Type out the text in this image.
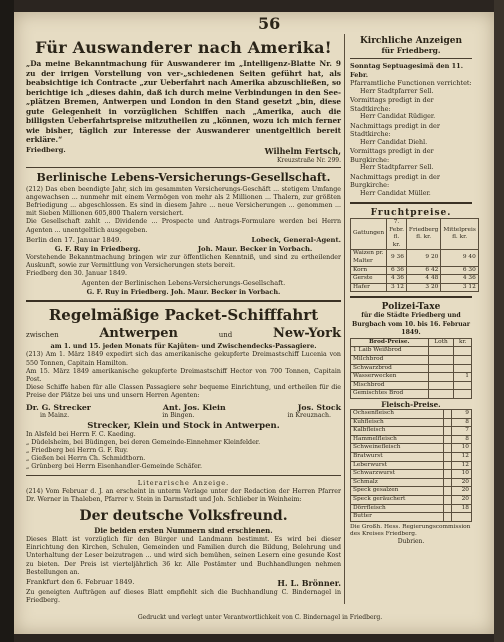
56
Für Auswanderer nach Amerika!

„Da meine Bekanntmachung für Auswanderer im „Intelligenz-Blatte Nr. 9 zu der irrigen Vorstellung von ver-„schiedenen Seiten geführt hat, als beabsichtige ich Contracte „zur Ueberfahrt nach Amerika abzuschließen, so berichtige ich „dieses dahin, daß ich durch meine Verbindungen in den See-„plätzen Bremen, Antwerpen und London in den Stand gesetzt „bin, diese gute Gelegenheit in vorzüglichen Schiffen nach „Amerika, auch die billigsten Ueberfahrtspreise mitzutheilen zu „können, wozu ich mich ferner wie bisher, täglich zur Interesse der Auswanderer unentgeltlich bereit erkläre.“

Friedberg.	Wilhelm Fertsch,
Kreuzstraße Nr. 299.
Berlinische Lebens-Versicherungs-Gesellschaft.

(212) Das eben beendigte Jahr, sich im gesammten Versicherungs-Geschäft ... stetigem Umfange angewachsen ... nunmehr mit einem Vermögen von mehr als 2 Millionen ... Thalern, zur größten Befriedigung ... abgeschlossen. Es sind in diesem Jahre ... neue Versicherungen ... genommen ... mit Sieben Millionen 605,800 Thalern versichert.

Die Gesellschaft zahlt ... Dividende ... Prospecte und Antrags-Formulare werden bei Herrn Agenten ... unentgeltlich ausgegeben.

Berlin den 17. Januar 1849.	Lobeck, General-Agent.
G. F. Ruy in Friedberg.	Joh. Maur. Becker in Vorbach.

Vorstehende Bekanntmachung bringen wir zur öffentlichen Kenntniß, und sind zu ertheilender Auskunft, sowie zur Vermittlung von Versicherungen stets bereit.

Friedberg den 30. Januar 1849.

Agenten der Berlinischen Lebens-Versicherungs-Gesellschaft.
G. F. Ruy in Friedberg. Joh. Maur. Becker in Vorbach.
Regelmäßige Packet-Schifffahrt
zwischen	Antwerpen	und	New-York
am 1. und 15. jeden Monats für Kajüten- und Zwischendecks-Passagiere.

(213) Am 1. März 1849 expedirt sich das amerikanische gekupferte Dreimastschiff Lucenia von 550 Tonnen, Capitain Hamilton.

Am 15. März 1849 amerikanische gekupferte Dreimastschiff Hector von 700 Tonnen, Capitain Post.

Diese Schiffe haben für alle Classen Passagiere sehr bequeme Einrichtung, und ertheilen für die Preise der Plätze bei uns und unsern Herren Agenten:

Dr. G. Strecker	Ant. Jos. Klein	Jos. Stock
in Mainz.	in Bingen.	in Kreuznach.
Strecker, Klein und Stock in Antwerpen.

In Alsfeld bei Herrn F. C. Kaeding.

„ Düdelsheim, bei Büdingen, bei deren Gemeinde-Einnehmer Kleinfelder.

„ Friedberg bei Herrn G. F. Ruy.

„ Gießen bei Herrn Ch. Schmidtborn.

„ Grünberg bei Herrn Eisenhandler-Gemeinde Schäfer.

Literarische Anzeige.

(214) Vom Februar d. J. an erscheint in unterm Verlage unter der Redaction der Herren Pfarrer Dr. Werner in Thaleben, Pfarrer v. Stein in Darmstadt und Joh. Schlieber in Weinheim:

Der deutsche Volksfreund.
Die beiden ersten Nummern sind erschienen.

Dieses Blatt ist vorzüglich für den Bürger und Landmann bestimmt. Es wird bei dieser Einrichtung den Kirchen, Schulen, Gemeinden und Familien durch die Bildung, Belehrung und Unterhaltung der Leser beizutragen ... und wird sich bemühen, seinen Lesern eine gesunde Kost zu bieten. Der Preis ist vierteljährlich 36 kr. Alle Postämter und Buchhandlungen nehmen Bestellungen an.

Frankfurt den 6. Februar 1849.	H. L. Brönner.

Zu geneigten Aufträgen auf dieses Blatt empfiehlt sich die Buchhandlung C. Bindernagel in Friedberg.

Kirchliche Anzeigen
für Friedberg.

Sonntag Septuagesimä den 11. Febr.

Pfarramtliche Functionen verrichtet:

Herr Stadtpfarrer Sell.

Vormittags predigt in der Stadtkirche:

Herr Candidat Rüdiger.

Nachmittags predigt in der Stadtkirche:

Herr Candidat Diehl.

Vormittags predigt in der Burgkirche:

Herr Stadtpfarrer Sell.

Nachmittags predigt in der Burgkirche:

Herr Candidat Müller.

Fruchtpreise.
Gattungen	7. Febr. fl. kr.	Friedberg fl. kr.	Mittelpreis fl. kr.
Waizen pr. Malter	9 36	9 20	9 40
Korn	6 36	6 42	6 30
Gerste	4 36	4 48	4 36
Hafer	3 12	3 20	3 12
Polizei-Taxe

für die Städte Friedberg und Burgbach vom 10. bis 16. Februar 1849.

Brod-Preise.	Loth	kr.
1 Laib Weißbrod		
Milchbrod		
Schwarzbrod		
Wasserwecken		1
Mischbrod		
Gemischtes Brod		
Fleisch-Preise.
Ochsenfleisch		9
Kuhfleisch		8
Kalbfleisch		7
Hammelfleisch		8
Schweinefleisch		10
Bratwurst		12
Leberwurst		12
Schwarzwurst		10
Schmalz		20
Speck gesalzen		20
Speck geräuchert		20
Dörrfleisch		18
Butter		

Die Großh. Hess. Regierungscommission des Kreises Friedberg.

Dubrien.

Gedruckt und verlegt unter Verantwortlichkeit von C. Bindernagel in Friedberg.
